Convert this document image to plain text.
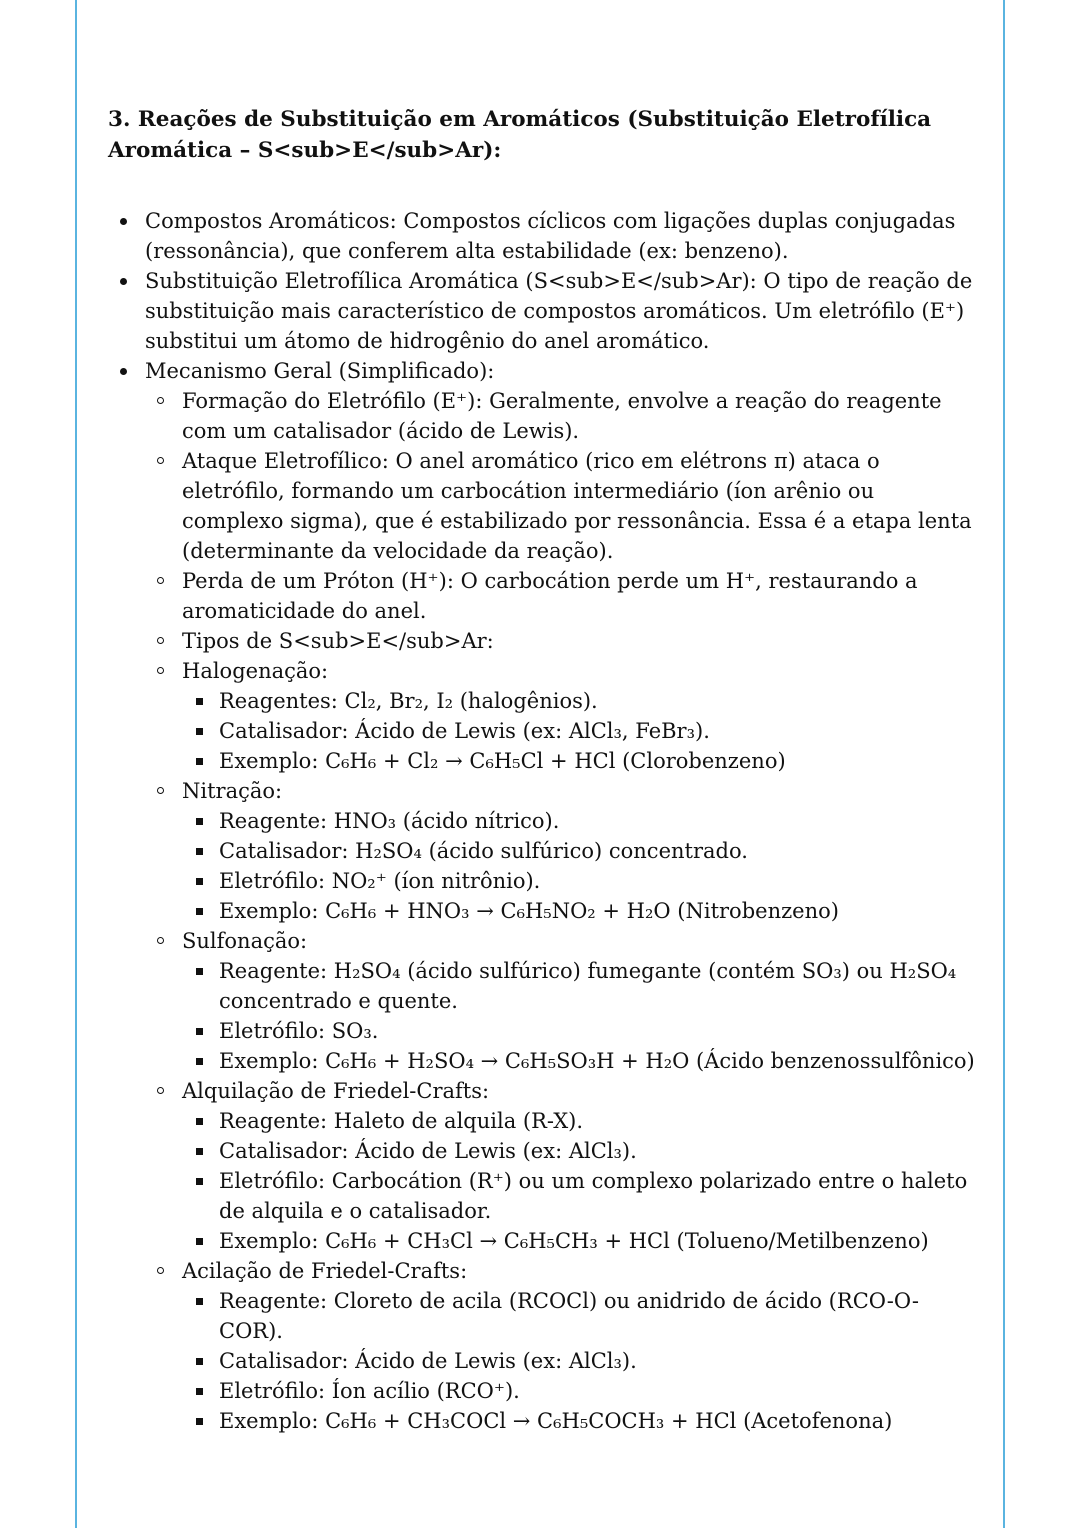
3. Reações de Substituição em Aromáticos (Substituição Eletrofílica Aromática – S<sub>E</sub>Ar):
Compostos Aromáticos: Compostos cíclicos com ligações duplas conjugadas (ressonância), que conferem alta estabilidade (ex: benzeno).
Substituição Eletrofílica Aromática (S<sub>E</sub>Ar): O tipo de reação de substituição mais característico de compostos aromáticos. Um eletrófilo (E⁺) substitui um átomo de hidrogênio do anel aromático.
Mecanismo Geral (Simplificado):
Formação do Eletrófilo (E⁺): Geralmente, envolve a reação do reagente com um catalisador (ácido de Lewis).
Ataque Eletrofílico: O anel aromático (rico em elétrons π) ataca o eletrófilo, formando um carbocátion intermediário (íon arênio ou complexo sigma), que é estabilizado por ressonância. Essa é a etapa lenta (determinante da velocidade da reação).
Perda de um Próton (H⁺): O carbocátion perde um H⁺, restaurando a aromaticidade do anel.
Tipos de S<sub>E</sub>Ar:
Halogenação:
Reagentes: Cl₂, Br₂, I₂ (halogênios).
Catalisador: Ácido de Lewis (ex: AlCl₃, FeBr₃).
Exemplo: C₆H₆ + Cl₂ → C₆H₅Cl + HCl (Clorobenzeno)
Nitração:
Reagente: HNO₃ (ácido nítrico).
Catalisador: H₂SO₄ (ácido sulfúrico) concentrado.
Eletrófilo: NO₂⁺ (íon nitrônio).
Exemplo: C₆H₆ + HNO₃ → C₆H₅NO₂ + H₂O (Nitrobenzeno)
Sulfonação:
Reagente: H₂SO₄ (ácido sulfúrico) fumegante (contém SO₃) ou H₂SO₄ concentrado e quente.
Eletrófilo: SO₃.
Exemplo: C₆H₆ + H₂SO₄ → C₆H₅SO₃H + H₂O (Ácido benzenossulfônico)
Alquilação de Friedel-Crafts:
Reagente: Haleto de alquila (R-X).
Catalisador: Ácido de Lewis (ex: AlCl₃).
Eletrófilo: Carbocátion (R⁺) ou um complexo polarizado entre o haleto de alquila e o catalisador.
Exemplo: C₆H₆ + CH₃Cl → C₆H₅CH₃ + HCl (Tolueno/Metilbenzeno)
Acilação de Friedel-Crafts:
Reagente: Cloreto de acila (RCOCl) ou anidrido de ácido (RCO-O-COR).
Catalisador: Ácido de Lewis (ex: AlCl₃).
Eletrófilo: Íon acílio (RCO⁺).
Exemplo: C₆H₆ + CH₃COCl → C₆H₅COCH₃ + HCl (Acetofenona)
